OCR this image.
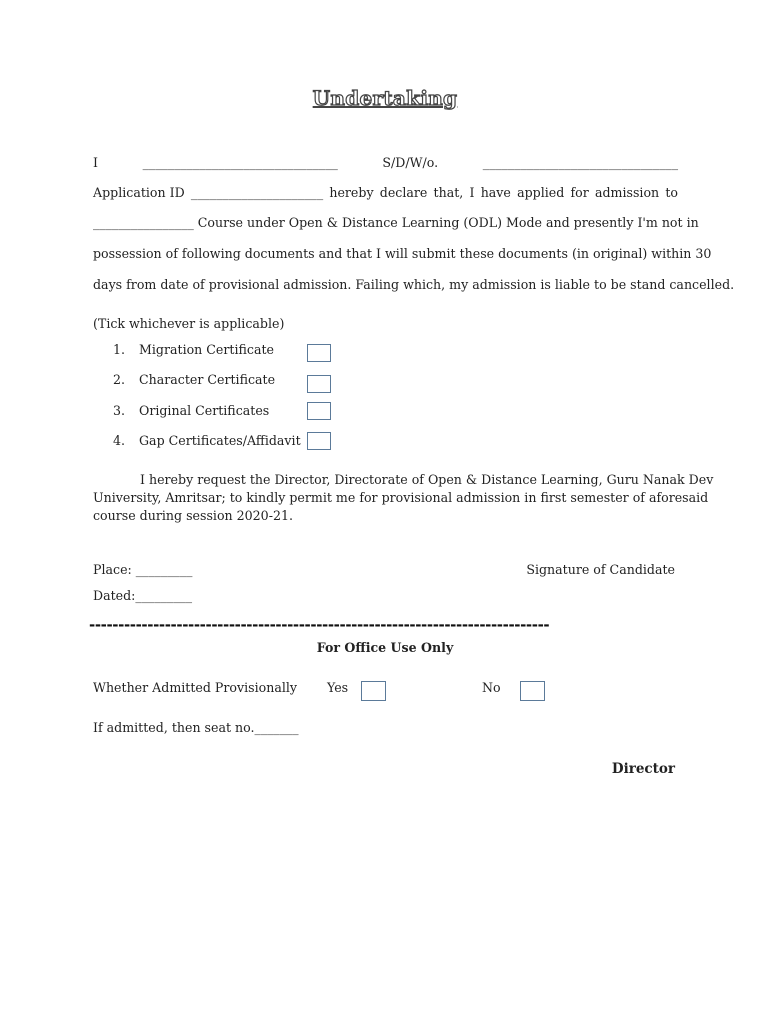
Undertaking
I	_______________________________	S/D/W/o.	_______________________________
Application ID _____________________ hereby declare that, I have applied for admission to
________________ Course under Open & Distance Learning (ODL) Mode and presently I'm not in
possession of following documents and that I will submit these documents (in original) within 30
days from date of provisional admission. Failing which, my admission is liable to be stand cancelled.
(Tick whichever is applicable)
1. Migration Certificate
2. Character Certificate
3. Original Certificates
4. Gap Certificates/Affidavit
I hereby request the Director, Directorate of Open & Distance Learning, Guru Nanak Dev
University, Amritsar; to kindly permit me for provisional admission in first semester of aforesaid
course during session 2020-21.
Place: _________	Signature of Candidate
Dated:_________
-------------------------------------------------------------------------------
For Office Use Only
Whether Admitted Provisionally Yes	No
If admitted, then seat no._______
Director
